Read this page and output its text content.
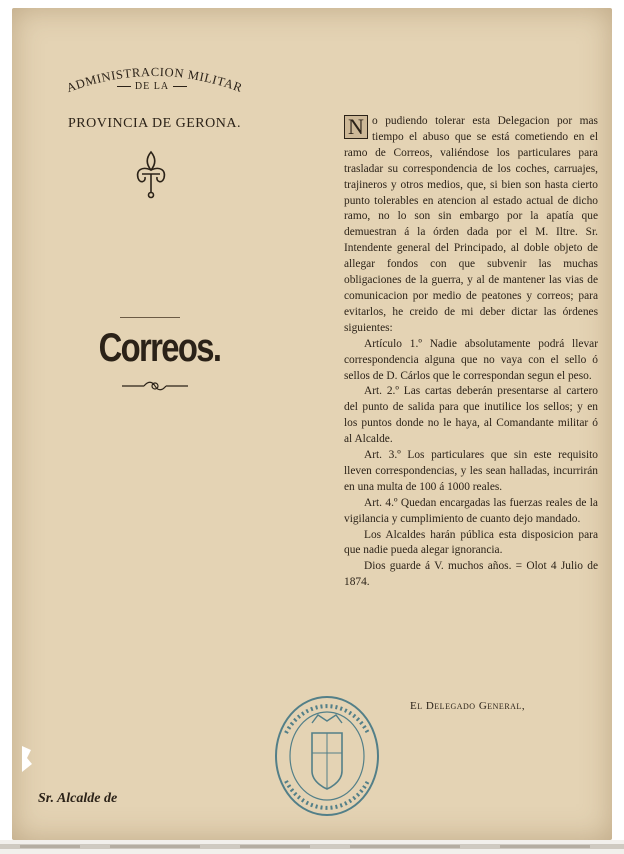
ADMINISTRACION MILITAR
DE LA
PROVINCIA DE GERONA.
Correos.

N o pudiendo tolerar esta Delegacion por mas tiempo el abuso que se está cometiendo en el ramo de Correos, valiéndose los particulares para trasladar su correspondencia de los coches, carruajes, trajineros y otros medios, que, si bien son hasta cierto punto tolerables en atencion al estado actual de dicho ramo, no lo son sin embargo por la apatía que demuestran á la órden dada por el M. Iltre. Sr. Intendente general del Principado, al doble objeto de allegar fondos con que subvenir las muchas obligaciones de la guerra, y al de mantener las vias de comunicacion por medio de peatones y correos; para evitarlos, he creido de mi deber dictar las órdenes siguientes:

Artículo 1.º Nadie absolutamente podrá llevar correspondencia alguna que no vaya con el sello ó sellos de D. Cárlos que le correspondan segun el peso.

Art. 2.º Las cartas deberán presentarse al cartero del punto de salida para que inutilice los sellos; y en los puntos donde no le haya, al Comandante militar ó al Alcalde.

Art. 3.º Los particulares que sin este requisito lleven correspondencias, y les sean halladas, incurrirán en una multa de 100 á 1000 reales.

Art. 4.º Quedan encargadas las fuerzas reales de la vigilancia y cumplimiento de cuanto dejo mandado.

Los Alcaldes harán pública esta disposicion para que nadie pueda alegar ignorancia.

Dios guarde á V. muchos años. = Olot 4 Julio de 1874.

El Delegado General,
Sr. Alcalde de
